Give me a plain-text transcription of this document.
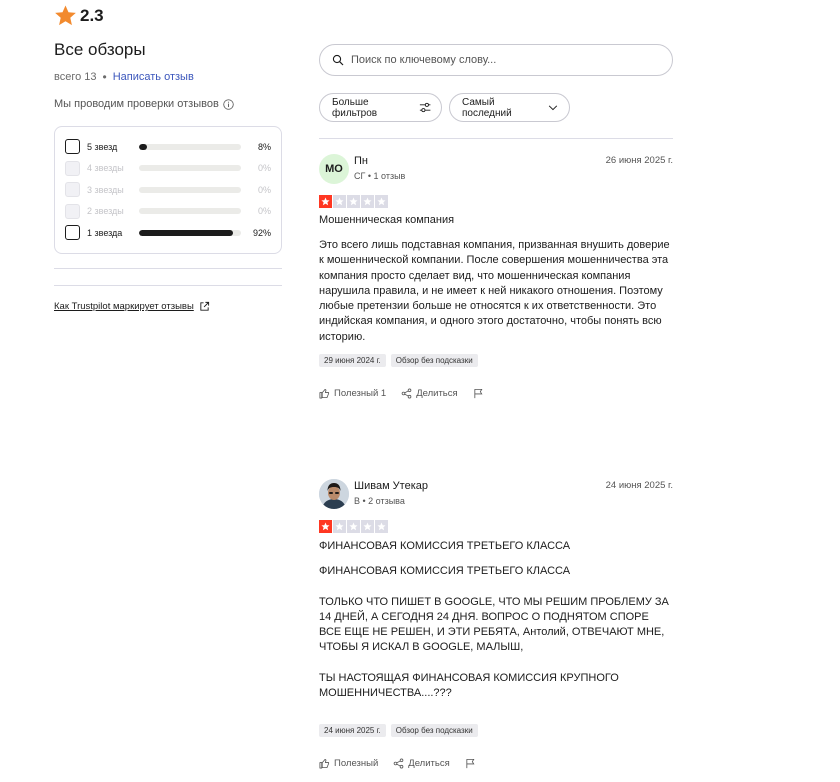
2.3
Все обзоры
всего 13 • Написать отзыв
Мы проводим проверки отзывов
5 звезд	8%
4 звезды	0%
3 звезды	0%
2 звезды	0%
1 звезда	92%
Как Trustpilot маркирует отзывы
Поиск по ключевому слову...
Больше фильтров
Самый последний
МО
Пн
СГ • 1 отзыв
26 июня 2025 г.
Мошенническая компания
Это всего лишь подставная компания, призванная внушить доверие к мошеннической компании. После совершения мошенничества эта компания просто сделает вид, что мошенническая компания нарушила правила, и не имеет к ней никакого отношения. Поэтому любые претензии больше не относятся к их ответственности. Это индийская компания, и одного этого достаточно, чтобы понять всю историю.
29 июня 2024 г.	Обзор без подсказки
Полезный 1	Делиться
Шивам Утекар
В • 2 отзыва
24 июня 2025 г.
ФИНАНСОВАЯ КОМИССИЯ ТРЕТЬЕГО КЛАССА
ФИНАНСОВАЯ КОМИССИЯ ТРЕТЬЕГО КЛАССА

ТОЛЬКО ЧТО ПИШЕТ В GOOGLE, ЧТО МЫ РЕШИМ ПРОБЛЕМУ ЗА 14 ДНЕЙ, А СЕГОДНЯ 24 ДНЯ. ВОПРОС О ПОДНЯТОМ СПОРЕ ВСЕ ЕЩЕ НЕ РЕШЕН, И ЭТИ РЕБЯТА, Антолий, ОТВЕЧАЮТ МНЕ, ЧТОБЫ Я ИСКАЛ В GOOGLE, МАЛЫШ,

ТЫ НАСТОЯЩАЯ ФИНАНСОВАЯ КОМИССИЯ КРУПНОГО МОШЕННИЧЕСТВА....???
24 июня 2025 г.	Обзор без подсказки
Полезный	Делиться
